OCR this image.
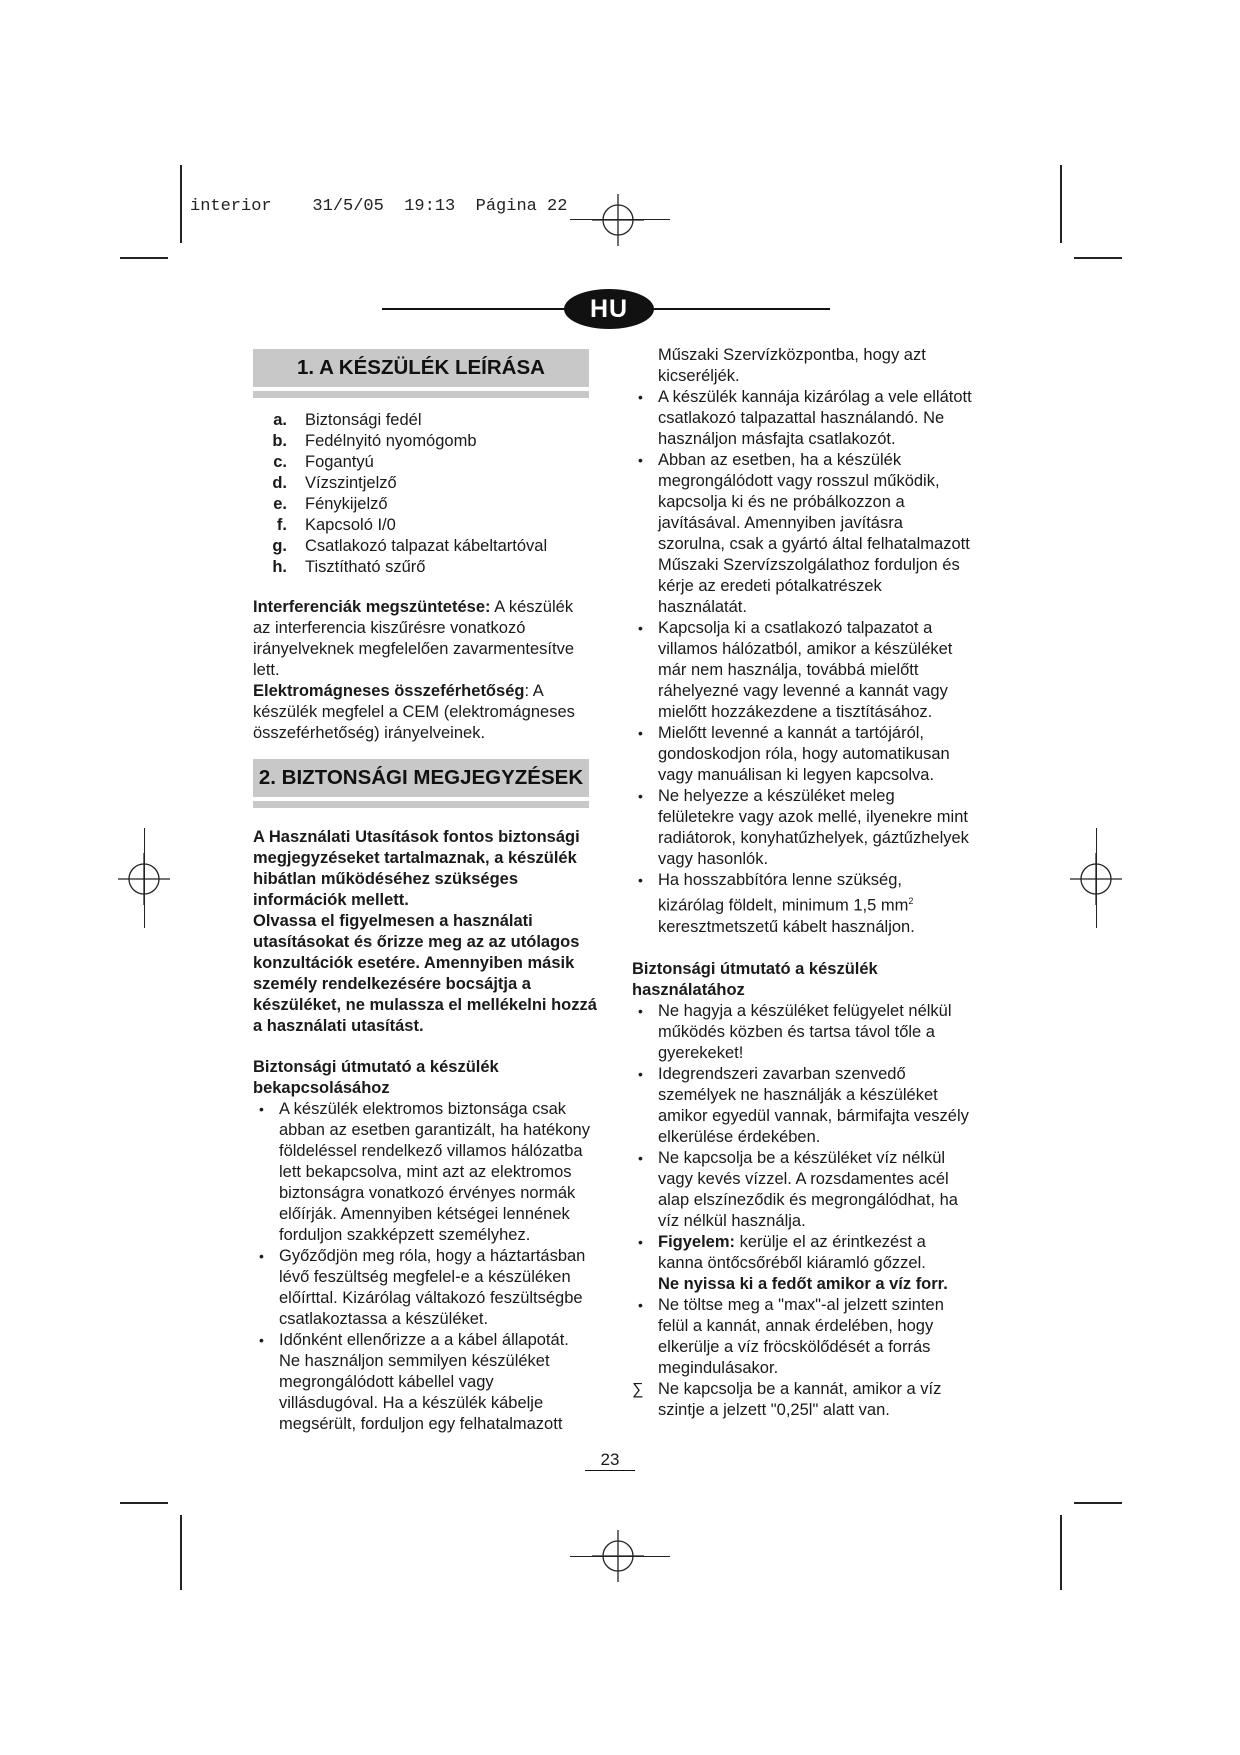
interior    31/5/05  19:13  Página 22
HU
1. A KÉSZÜLÉK LEÍRÁSA
a. Biztonsági fedél
b. Fedélnyitó nyomógomb
c. Fogantyú
d. Vízszintjelző
e. Fénykijelző
f. Kapcsoló I/0
g. Csatlakozó talpazat kábeltartóval
h. Tisztítható szűrő

Interferenciák megszüntetése: A készülék az interferencia kiszűrésre vonatkozó irányelveknek megfelelően zavarmentesítve lett.

Elektromágneses összeférhetőség: A készülék megfelel a CEM (elektromágneses összeférhetőség) irányelveinek.

2. BIZTONSÁGI MEGJEGYZÉSEK

A Használati Utasítások fontos biztonsági megjegyzéseket tartalmaznak, a készülék hibátlan működéséhez szükséges információk mellett.

Olvassa el figyelmesen a használati utasításokat és őrizze meg az az utólagos konzultációk esetére. Amennyiben másik személy rendelkezésére bocsájtja a készüléket, ne mulassza el mellékelni hozzá a használati utasítást.

Biztonsági útmutató a készülék bekapcsolásához

• A készülék elektromos biztonsága csak abban az esetben garantizált, ha hatékony földeléssel rendelkező villamos hálózatba lett bekapcsolva, mint azt az elektromos biztonságra vonatkozó érvényes normák előírják. Amennyiben kétségei lennének forduljon szakképzett személyhez.
• Győződjön meg róla, hogy a háztartásban lévő feszültség megfelel-e a készüléken előírttal. Kizárólag váltakozó feszültségbe csatlakoztassa a készüléket.
• Időnként ellenőrizze a a kábel állapotát. Ne használjon semmilyen készüléket megrongálódott kábellel vagy villásdugóval. Ha a készülék kábelje megsérült, forduljon egy felhatalmazott

Műszaki Szervízközpontba, hogy azt kicseréljék.

• A készülék kannája kizárólag a vele ellátott csatlakozó talpazattal használandó. Ne használjon másfajta csatlakozót.
• Abban az esetben, ha a készülék megrongálódott vagy rosszul működik, kapcsolja ki és ne próbálkozzon a javításával. Amennyiben javításra szorulna, csak a gyártó által felhatalmazott Műszaki Szervízszolgálathoz forduljon és kérje az eredeti pótalkatrészek használatát.
• Kapcsolja ki a csatlakozó talpazatot a villamos hálózatból, amikor a készüléket már nem használja, továbbá mielőtt ráhelyezné vagy levenné a kannát vagy mielőtt hozzákezdene a tisztításához.
• Mielőtt levenné a kannát a tartójáról, gondoskodjon róla, hogy automatikusan vagy manuálisan ki legyen kapcsolva.
• Ne helyezze a készüléket meleg felületekre vagy azok mellé, ilyenekre mint radiátorok, konyhatűzhelyek, gáztűzhelyek vagy hasonlók.
• Ha hosszabbítóra lenne szükség, kizárólag földelt, minimum 1,5 $mm^2$ keresztmetszetű kábelt használjon.

Biztonsági útmutató a készülék használatához

• Ne hagyja a készüléket felügyelet nélkül működés közben és tartsa távol tőle a gyerekeket!
• Idegrendszeri zavarban szenvedő személyek ne használják a készüléket amikor egyedül vannak, bármifajta veszély elkerülése érdekében.
• Ne kapcsolja be a készüléket víz nélkül vagy kevés vízzel. A rozsdamentes acél alap elszíneződik és megrongálódhat, ha víz nélkül használja.
• Figyelem: kerülje el az érintkezést a kanna öntőcsőréből kiáramló gőzzel.
Ne nyissa ki a fedőt amikor a víz forr.
• Ne töltse meg a "max"-al jelzett szinten felül a kannát, annak érdelében, hogy elkerülje a víz fröcskölődését a forrás megindulásakor.
∑ Ne kapcsolja be a kannát, amikor a víz szintje a jelzett "0,25l" alatt van.
23
